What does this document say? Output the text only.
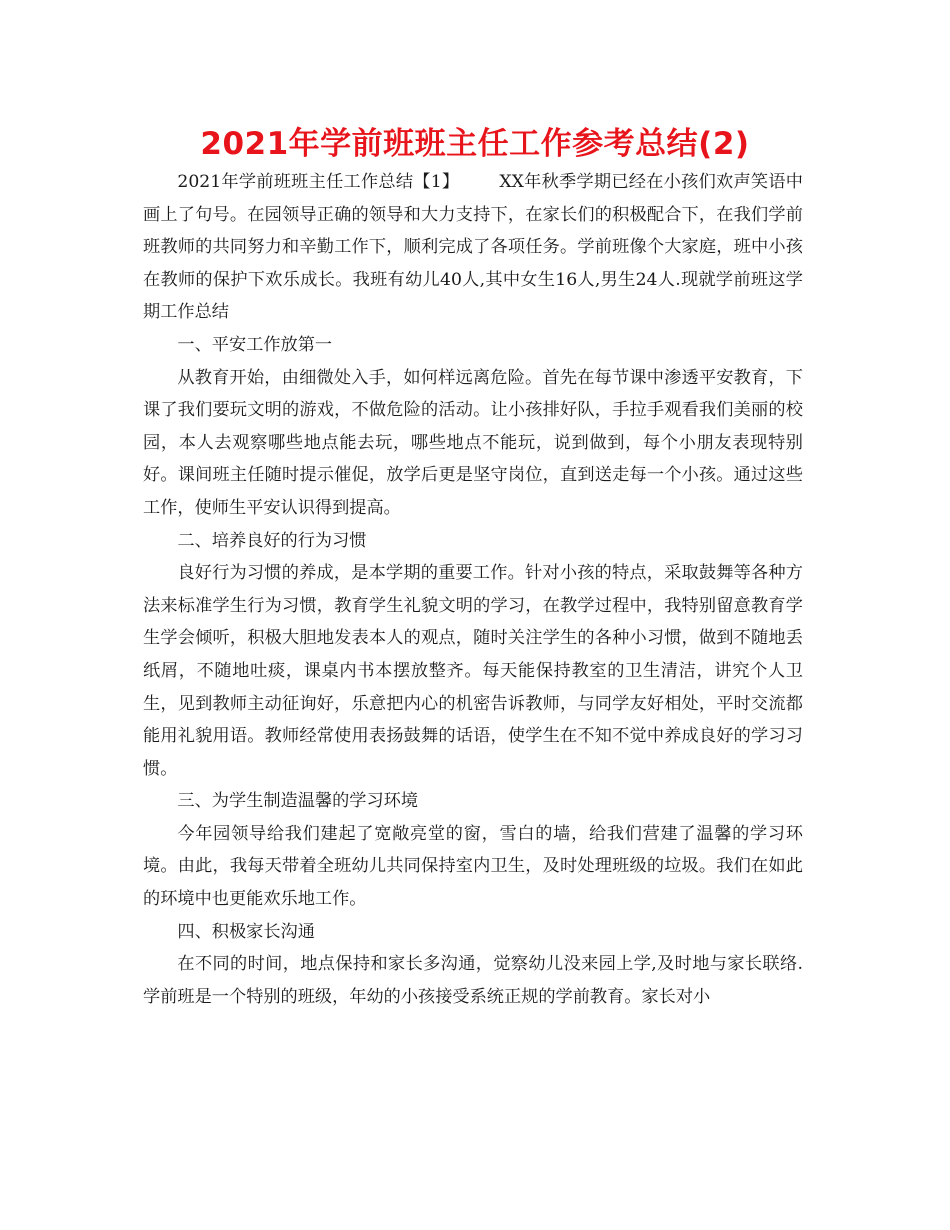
2021年学前班班主任工作参考总结(2)

2021年学前班班主任工作总结【1】 XX年秋季学期已经在小孩们欢声笑语中画上了句号。在园领导正确的领导和大力支持下，在家长们的积极配合下，在我们学前班教师的共同努力和辛勤工作下，顺利完成了各项任务。学前班像个大家庭，班中小孩在教师的保护下欢乐成长。我班有幼儿40人,其中女生16人,男生24人.现就学前班这学期工作总结

一、平安工作放第一

从教育开始，由细微处入手，如何样远离危险。首先在每节课中渗透平安教育，下课了我们要玩文明的游戏，不做危险的活动。让小孩排好队，手拉手观看我们美丽的校园，本人去观察哪些地点能去玩，哪些地点不能玩，说到做到，每个小朋友表现特别好。课间班主任随时提示催促，放学后更是坚守岗位，直到送走每一个小孩。通过这些工作，使师生平安认识得到提高。

二、培养良好的行为习惯

良好行为习惯的养成，是本学期的重要工作。针对小孩的特点，采取鼓舞等各种方法来标准学生行为习惯，教育学生礼貌文明的学习，在教学过程中，我特别留意教育学生学会倾听，积极大胆地发表本人的观点，随时关注学生的各种小习惯，做到不随地丢纸屑，不随地吐痰，课桌内书本摆放整齐。每天能保持教室的卫生清洁，讲究个人卫生，见到教师主动征询好，乐意把内心的机密告诉教师，与同学友好相处，平时交流都能用礼貌用语。教师经常使用表扬鼓舞的话语，使学生在不知不觉中养成良好的学习习惯。

三、为学生制造温馨的学习环境

今年园领导给我们建起了宽敞亮堂的窗，雪白的墙，给我们营建了温馨的学习环境。由此，我每天带着全班幼儿共同保持室内卫生，及时处理班级的垃圾。我们在如此的环境中也更能欢乐地工作。

四、积极家长沟通

在不同的时间，地点保持和家长多沟通，觉察幼儿没来园上学,及时地与家长联络.学前班是一个特别的班级，年幼的小孩接受系统正规的学前教育。家长对小
